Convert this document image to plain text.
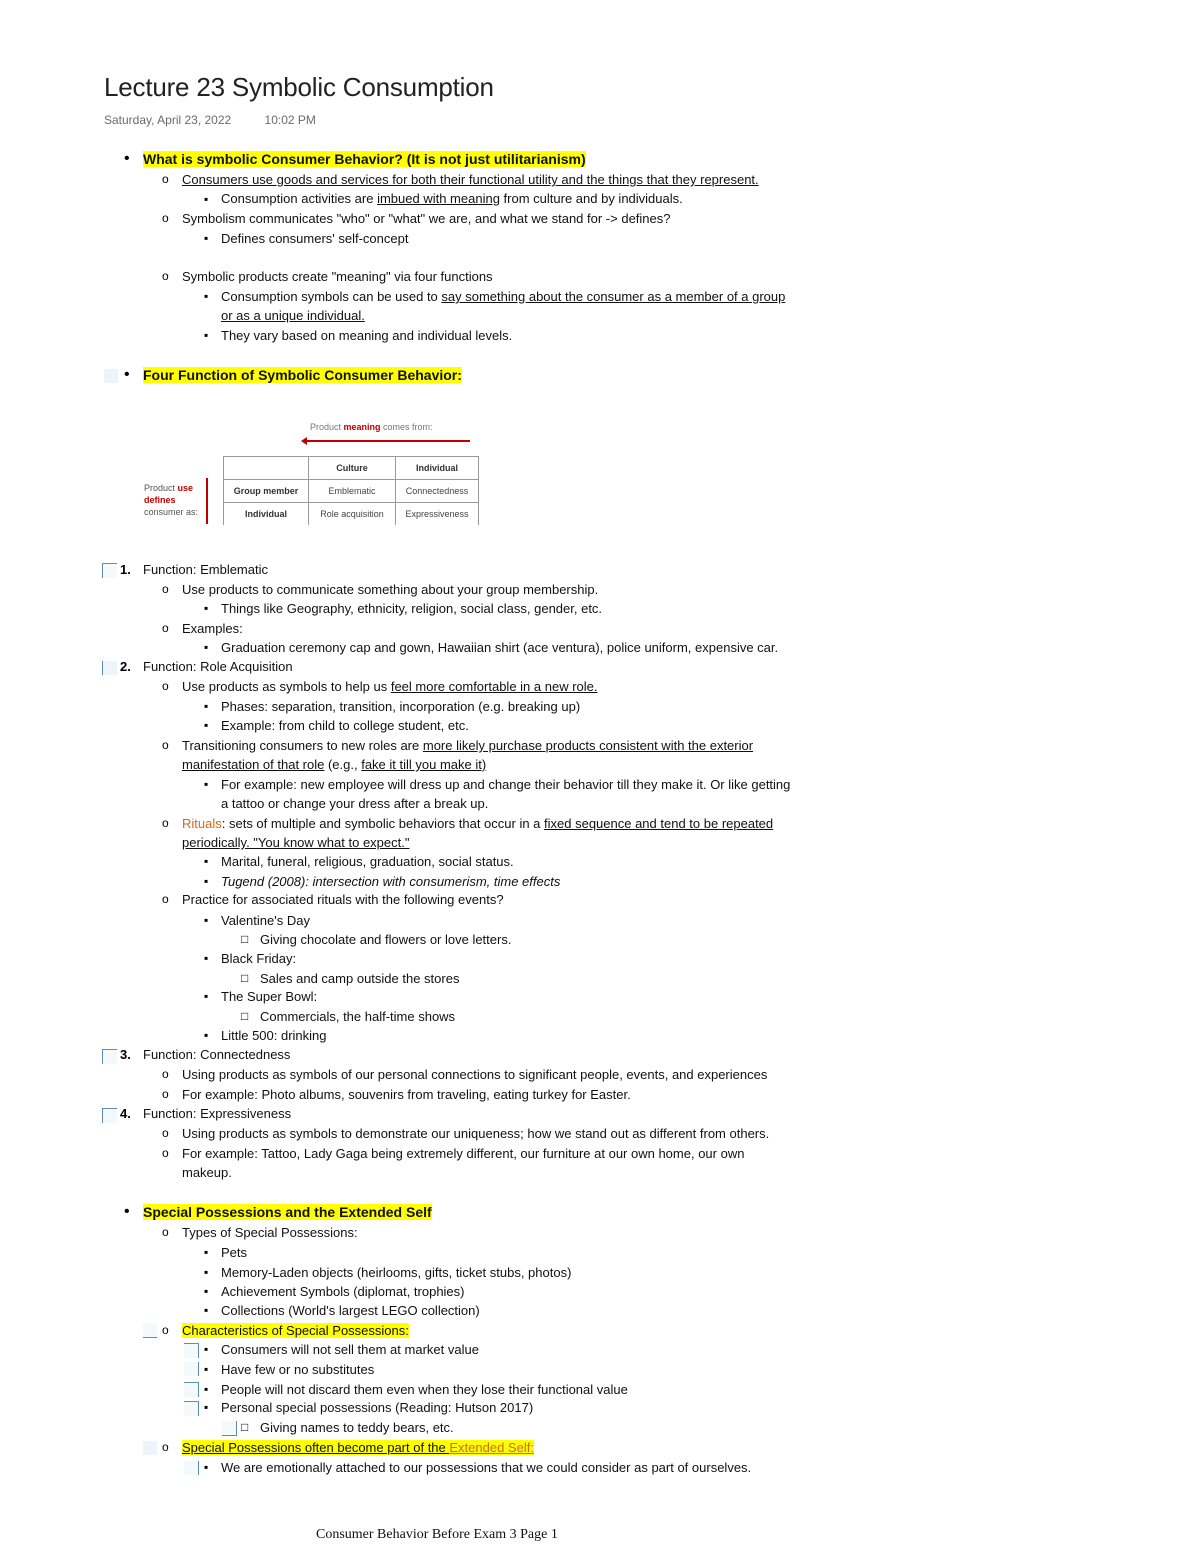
Lecture 23 Symbolic Consumption
Saturday, April 23, 2022	10:02 PM
•
What is symbolic Consumer Behavior? (It is not just utilitarianism)
o
Consumers use goods and services for both their functional utility and the things that they represent.
▪
Consumption activities are imbued with meaning from culture and by individuals.
o
Symbolism communicates "who" or "what" we are, and what we stand for -> defines?
▪
Defines consumers' self-concept
o
Symbolic products create "meaning" via four functions
▪
Consumption symbols can be used to say something about the consumer as a member of a group
or as a unique individual.
▪
They vary based on meaning and individual levels.
•
Four Function of Symbolic Consumer Behavior:
Product meaning comes from:
Product use
defines
consumer as:
	Culture	Individual
Group member	Emblematic	Connectedness
Individual	Role acquisition	Expressiveness
1. Function: Emblematic
o
Use products to communicate something about your group membership.
▪
Things like Geography, ethnicity, religion, social class, gender, etc.
o
Examples:
▪
Graduation ceremony cap and gown, Hawaiian shirt (ace ventura), police uniform, expensive car.
2. Function: Role Acquisition
o
Use products as symbols to help us feel more comfortable in a new role.
▪
Phases: separation, transition, incorporation (e.g. breaking up)
▪
Example: from child to college student, etc.
o
Transitioning consumers to new roles are more likely purchase products consistent with the exterior
manifestation of that role (e.g., fake it till you make it)
▪
For example: new employee will dress up and change their behavior till they make it. Or like getting
a tattoo or change your dress after a break up.
o
Rituals: sets of multiple and symbolic behaviors that occur in a fixed sequence and tend to be repeated
periodically. "You know what to expect."
▪
Marital, funeral, religious, graduation, social status.
▪
Tugend (2008): intersection with consumerism, time effects
o
Practice for associated rituals with the following events?
▪
Valentine's Day
□
Giving chocolate and flowers or love letters.
▪
Black Friday:
□
Sales and camp outside the stores
▪
The Super Bowl:
□
Commercials, the half-time shows
▪
Little 500: drinking
3. Function: Connectedness
o
Using products as symbols of our personal connections to significant people, events, and experiences
o
For example: Photo albums, souvenirs from traveling, eating turkey for Easter.
4. Function: Expressiveness
o
Using products as symbols to demonstrate our uniqueness; how we stand out as different from others.
o
For example: Tattoo, Lady Gaga being extremely different, our furniture at our own home, our own
makeup.
•
Special Possessions and the Extended Self
o
Types of Special Possessions:
▪
Pets
▪
Memory-Laden objects (heirlooms, gifts, ticket stubs, photos)
▪
Achievement Symbols (diplomat, trophies)
▪
Collections (World's largest LEGO collection)
o
Characteristics of Special Possessions:
▪
Consumers will not sell them at market value
▪
Have few or no substitutes
▪
People will not discard them even when they lose their functional value
▪
Personal special possessions (Reading: Hutson 2017)
□
Giving names to teddy bears, etc.
o
Special Possessions often become part of the Extended Self:
▪
We are emotionally attached to our possessions that we could consider as part of ourselves.
Consumer Behavior Before Exam 3 Page 1
